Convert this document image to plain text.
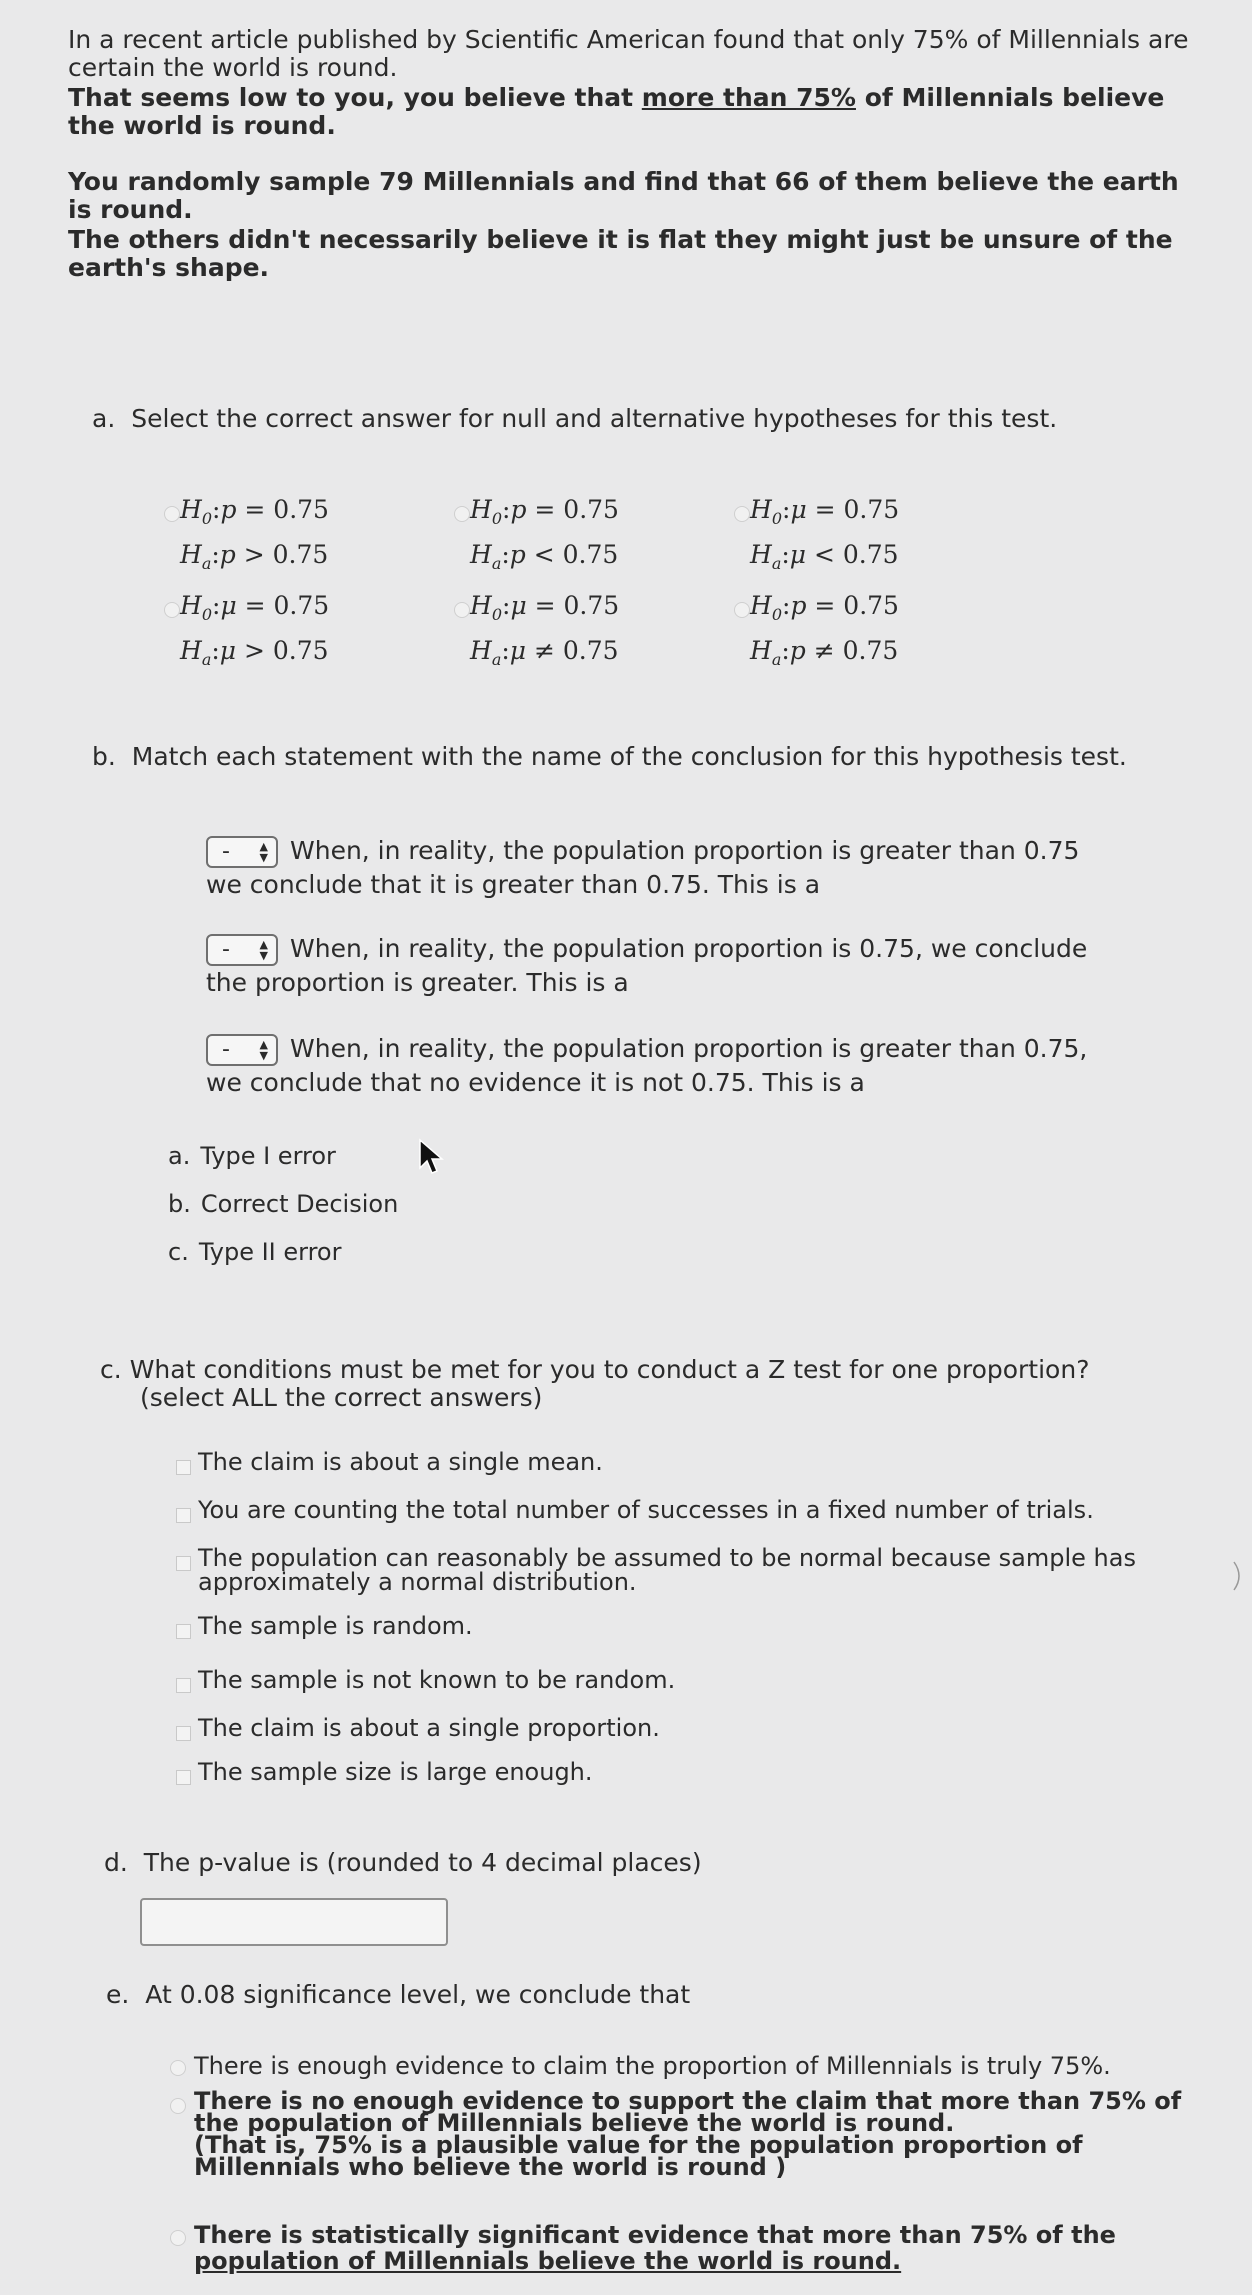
In a recent article published by Scientific American found that only 75% of Millennials are certain the world is round.

That seems low to you, you believe that more than 75% of Millennials believe the world is round.

You randomly sample 79 Millennials and find that 66 of them believe the earth is round.

The others didn't necessarily believe it is flat they might just be unsure of the earth's shape.

a. Select the correct answer for null and alternative hypotheses for this test.
$H_0:p = 0.75$
$H_a:p > 0.75$
$H_0:p = 0.75$
$H_a:p < 0.75$
$H_0:\mu = 0.75$
$H_a:\mu < 0.75$
$H_0:\mu = 0.75$
$H_a:\mu > 0.75$
$H_0:\mu = 0.75$
$H_a:\mu \ne 0.75$
$H_0:p = 0.75$
$H_a:p \ne 0.75$
b. Match each statement with the name of the conclusion for this hypothesis test.
-	▲
▼ When, in reality, the population proportion is greater than 0.75
we conclude that it is greater than 0.75. This is a
-	▲
▼ When, in reality, the population proportion is 0.75, we conclude
the proportion is greater. This is a
-	▲
▼ When, in reality, the population proportion is greater than 0.75,
we conclude that no evidence it is not 0.75. This is a
a. Type I error
b. Correct Decision
c. Type II error
c. What conditions must be met for you to conduct a Z test for one proportion?
(select ALL the correct answers)
The claim is about a single mean.
You are counting the total number of successes in a fixed number of trials.
The population can reasonably be assumed to be normal because sample has
approximately a normal distribution.
The sample is random.
The sample is not known to be random.
The claim is about a single proportion.
The sample size is large enough.
d. The p-value is (rounded to 4 decimal places)
e. At 0.08 significance level, we conclude that
There is enough evidence to claim the proportion of Millennials is truly 75%.
There is no enough evidence to support the claim that more than 75% of
the population of Millennials believe the world is round.
(That is, 75% is a plausible value for the population proportion of
Millennials who believe the world is round )
There is statistically significant evidence that more than 75% of the
population of Millennials believe the world is round.
